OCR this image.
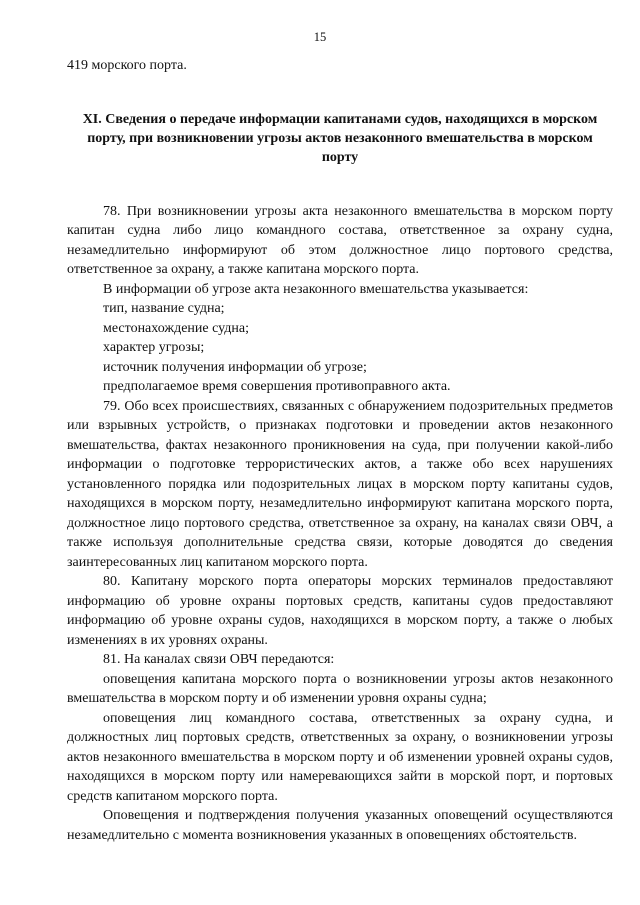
15

419 морского порта.

XI. Сведения о передаче информации капитанами судов, находящихся в морском порту, при возникновении угрозы актов незаконного вмешательства в морском порту

78. При возникновении угрозы акта незаконного вмешательства в морском порту капитан судна либо лицо командного состава, ответственное за охрану судна, незамедлительно информируют об этом должностное лицо портового средства, ответственное за охрану, а также капитана морского порта.

В информации об угрозе акта незаконного вмешательства указывается:

тип, название судна;

местонахождение судна;

характер угрозы;

источник получения информации об угрозе;

предполагаемое время совершения противоправного акта.

79. Обо всех происшествиях, связанных с обнаружением подозрительных предметов или взрывных устройств, о признаках подготовки и проведении актов незаконного вмешательства, фактах незаконного проникновения на суда, при получении какой-либо информации о подготовке террористических актов, а также обо всех нарушениях установленного порядка или подозрительных лицах в морском порту капитаны судов, находящихся в морском порту, незамедлительно информируют капитана морского порта, должностное лицо портового средства, ответственное за охрану, на каналах связи ОВЧ, а также используя дополнительные средства связи, которые доводятся до сведения заинтересованных лиц капитаном морского порта.

80. Капитану морского порта операторы морских терминалов предоставляют информацию об уровне охраны портовых средств, капитаны судов предоставляют информацию об уровне охраны судов, находящихся в морском порту, а также о любых изменениях в их уровнях охраны.

81. На каналах связи ОВЧ передаются:

оповещения капитана морского порта о возникновении угрозы актов незаконного вмешательства в морском порту и об изменении уровня охраны судна;

оповещения лиц командного состава, ответственных за охрану судна, и должностных лиц портовых средств, ответственных за охрану, о возникновении угрозы актов незаконного вмешательства в морском порту и об изменении уровней охраны судов, находящихся в морском порту или намеревающихся зайти в морской порт, и портовых средств капитаном морского порта.

Оповещения и подтверждения получения указанных оповещений осуществляются незамедлительно с момента возникновения указанных в оповещениях обстоятельств.
